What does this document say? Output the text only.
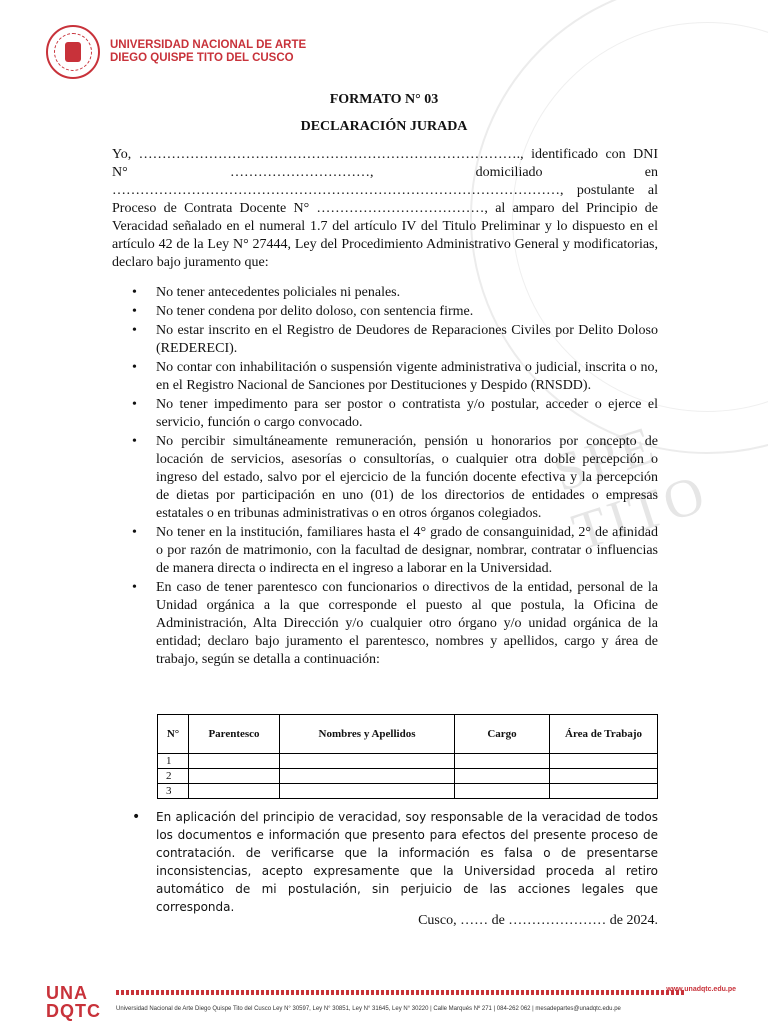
SPE TITO
UNIVERSIDAD NACIONAL DE ARTE
DIEGO QUISPE TITO DEL CUSCO
FORMATO N° 03
DECLARACIÓN JURADA

Yo, ………………………………………………………………………., identificado con DNI N° …………………………, domiciliado en ……………………………………………………………………………………, postulante al Proceso de Contrata Docente N° ………………………………, al amparo del Principio de Veracidad señalado en el numeral 1.7 del artículo IV del Titulo Preliminar y lo dispuesto en el artículo 42 de la Ley N° 27444, Ley del Procedimiento Administrativo General y modificatorias, declaro bajo juramento que:

• No tener antecedentes policiales ni penales.
• No tener condena por delito doloso, con sentencia firme.
• No estar inscrito en el Registro de Deudores de Reparaciones Civiles por Delito Doloso (REDERECI).
• No contar con inhabilitación o suspensión vigente administrativa o judicial, inscrita o no, en el Registro Nacional de Sanciones por Destituciones y Despido (RNSDD).
• No tener impedimento para ser postor o contratista y/o postular, acceder o ejerce el servicio, función o cargo convocado.
• No percibir simultáneamente remuneración, pensión u honorarios por concepto de locación de servicios, asesorías o consultorías, o cualquier otra doble percepción o ingreso del estado, salvo por el ejercicio de la función docente efectiva y la percepción de dietas por participación en uno (01) de los directorios de entidades o empresas estatales o en tribunas administrativas o en otros órganos colegiados.
• No tener en la institución, familiares hasta el 4° grado de consanguinidad, 2° de afinidad o por razón de matrimonio, con la facultad de designar, nombrar, contratar o influencias de manera directa o indirecta en el ingreso a laborar en la Universidad.
• En caso de tener parentesco con funcionarios o directivos de la entidad, personal de la Unidad orgánica a la que corresponde el puesto al que postula, la Oficina de Administración, Alta Dirección y/o cualquier otro órgano y/o unidad orgánica de la entidad; declaro bajo juramento el parentesco, nombres y apellidos, cargo y área de trabajo, según se detalla a continuación:
N°	Parentesco	Nombres y Apellidos	Cargo	Área de Trabajo
1				
2				
3				
• En aplicación del principio de veracidad, soy responsable de la veracidad de todos los documentos e información que presento para efectos del presente proceso de contratación. de verificarse que la información es falsa o de presentarse inconsistencias, acepto expresamente que la Universidad proceda al retiro automático de mi postulación, sin perjuicio de las acciones legales que corresponda.
Cusco, …… de ………………… de 2024.
UNA
DQTC
www.unadqtc.edu.pe
Universidad Nacional de Arte Diego Quispe Tito del Cusco Ley N° 30597, Ley N° 30851, Ley N° 31645, Ley N° 30220 | Calle Marqués Nº 271 | 084-262 062 | mesadepartes@unadqtc.edu.pe
